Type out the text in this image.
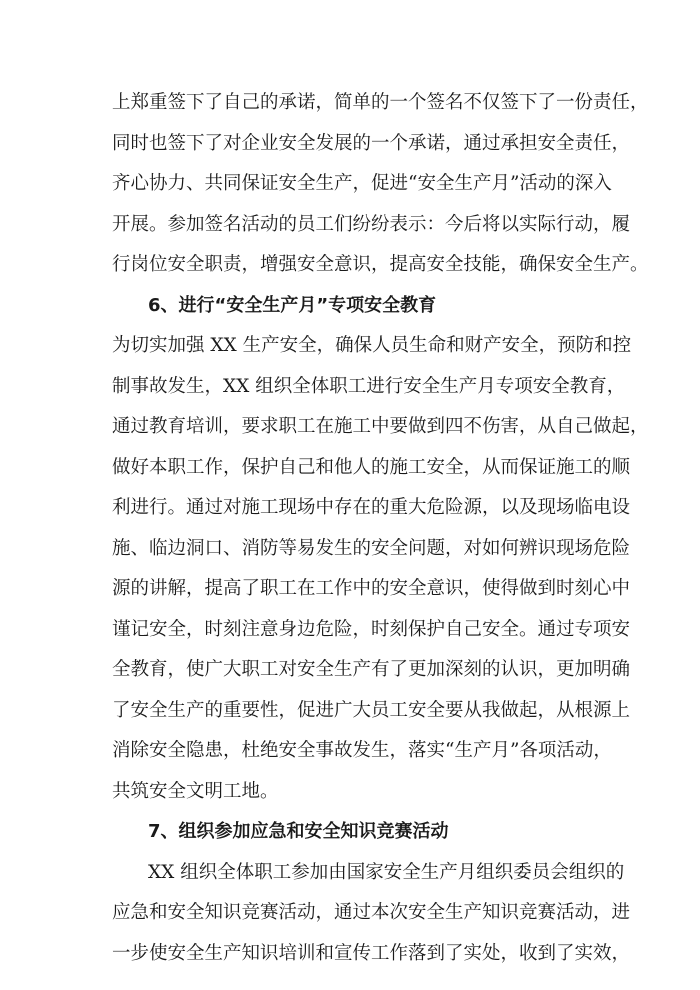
上郑重签下了自己的承诺，简单的一个签名不仅签下了一份责任，
同时也签下了对企业安全发展的一个承诺，通过承担安全责任，
齐心协力、共同保证安全生产，促进“安全生产月”活动的深入
开展。参加签名活动的员工们纷纷表示：今后将以实际行动，履
行岗位安全职责，增强安全意识，提高安全技能，确保安全生产。
6、进行“安全生产月”专项安全教育
为切实加强 XX 生产安全，确保人员生命和财产安全，预防和控
制事故发生，XX 组织全体职工进行安全生产月专项安全教育，
通过教育培训，要求职工在施工中要做到四不伤害，从自己做起，
做好本职工作，保护自己和他人的施工安全，从而保证施工的顺
利进行。通过对施工现场中存在的重大危险源，以及现场临电设
施、临边洞口、消防等易发生的安全问题，对如何辨识现场危险
源的讲解，提高了职工在工作中的安全意识，使得做到时刻心中
谨记安全，时刻注意身边危险，时刻保护自己安全。通过专项安
全教育，使广大职工对安全生产有了更加深刻的认识，更加明确
了安全生产的重要性，促进广大员工安全要从我做起，从根源上
消除安全隐患，杜绝安全事故发生，落实“生产月”各项活动，
共筑安全文明工地。
7、组织参加应急和安全知识竞赛活动
XX 组织全体职工参加由国家安全生产月组织委员会组织的
应急和安全知识竞赛活动，通过本次安全生产知识竞赛活动，进
一步使安全生产知识培训和宣传工作落到了实处，收到了实效，
